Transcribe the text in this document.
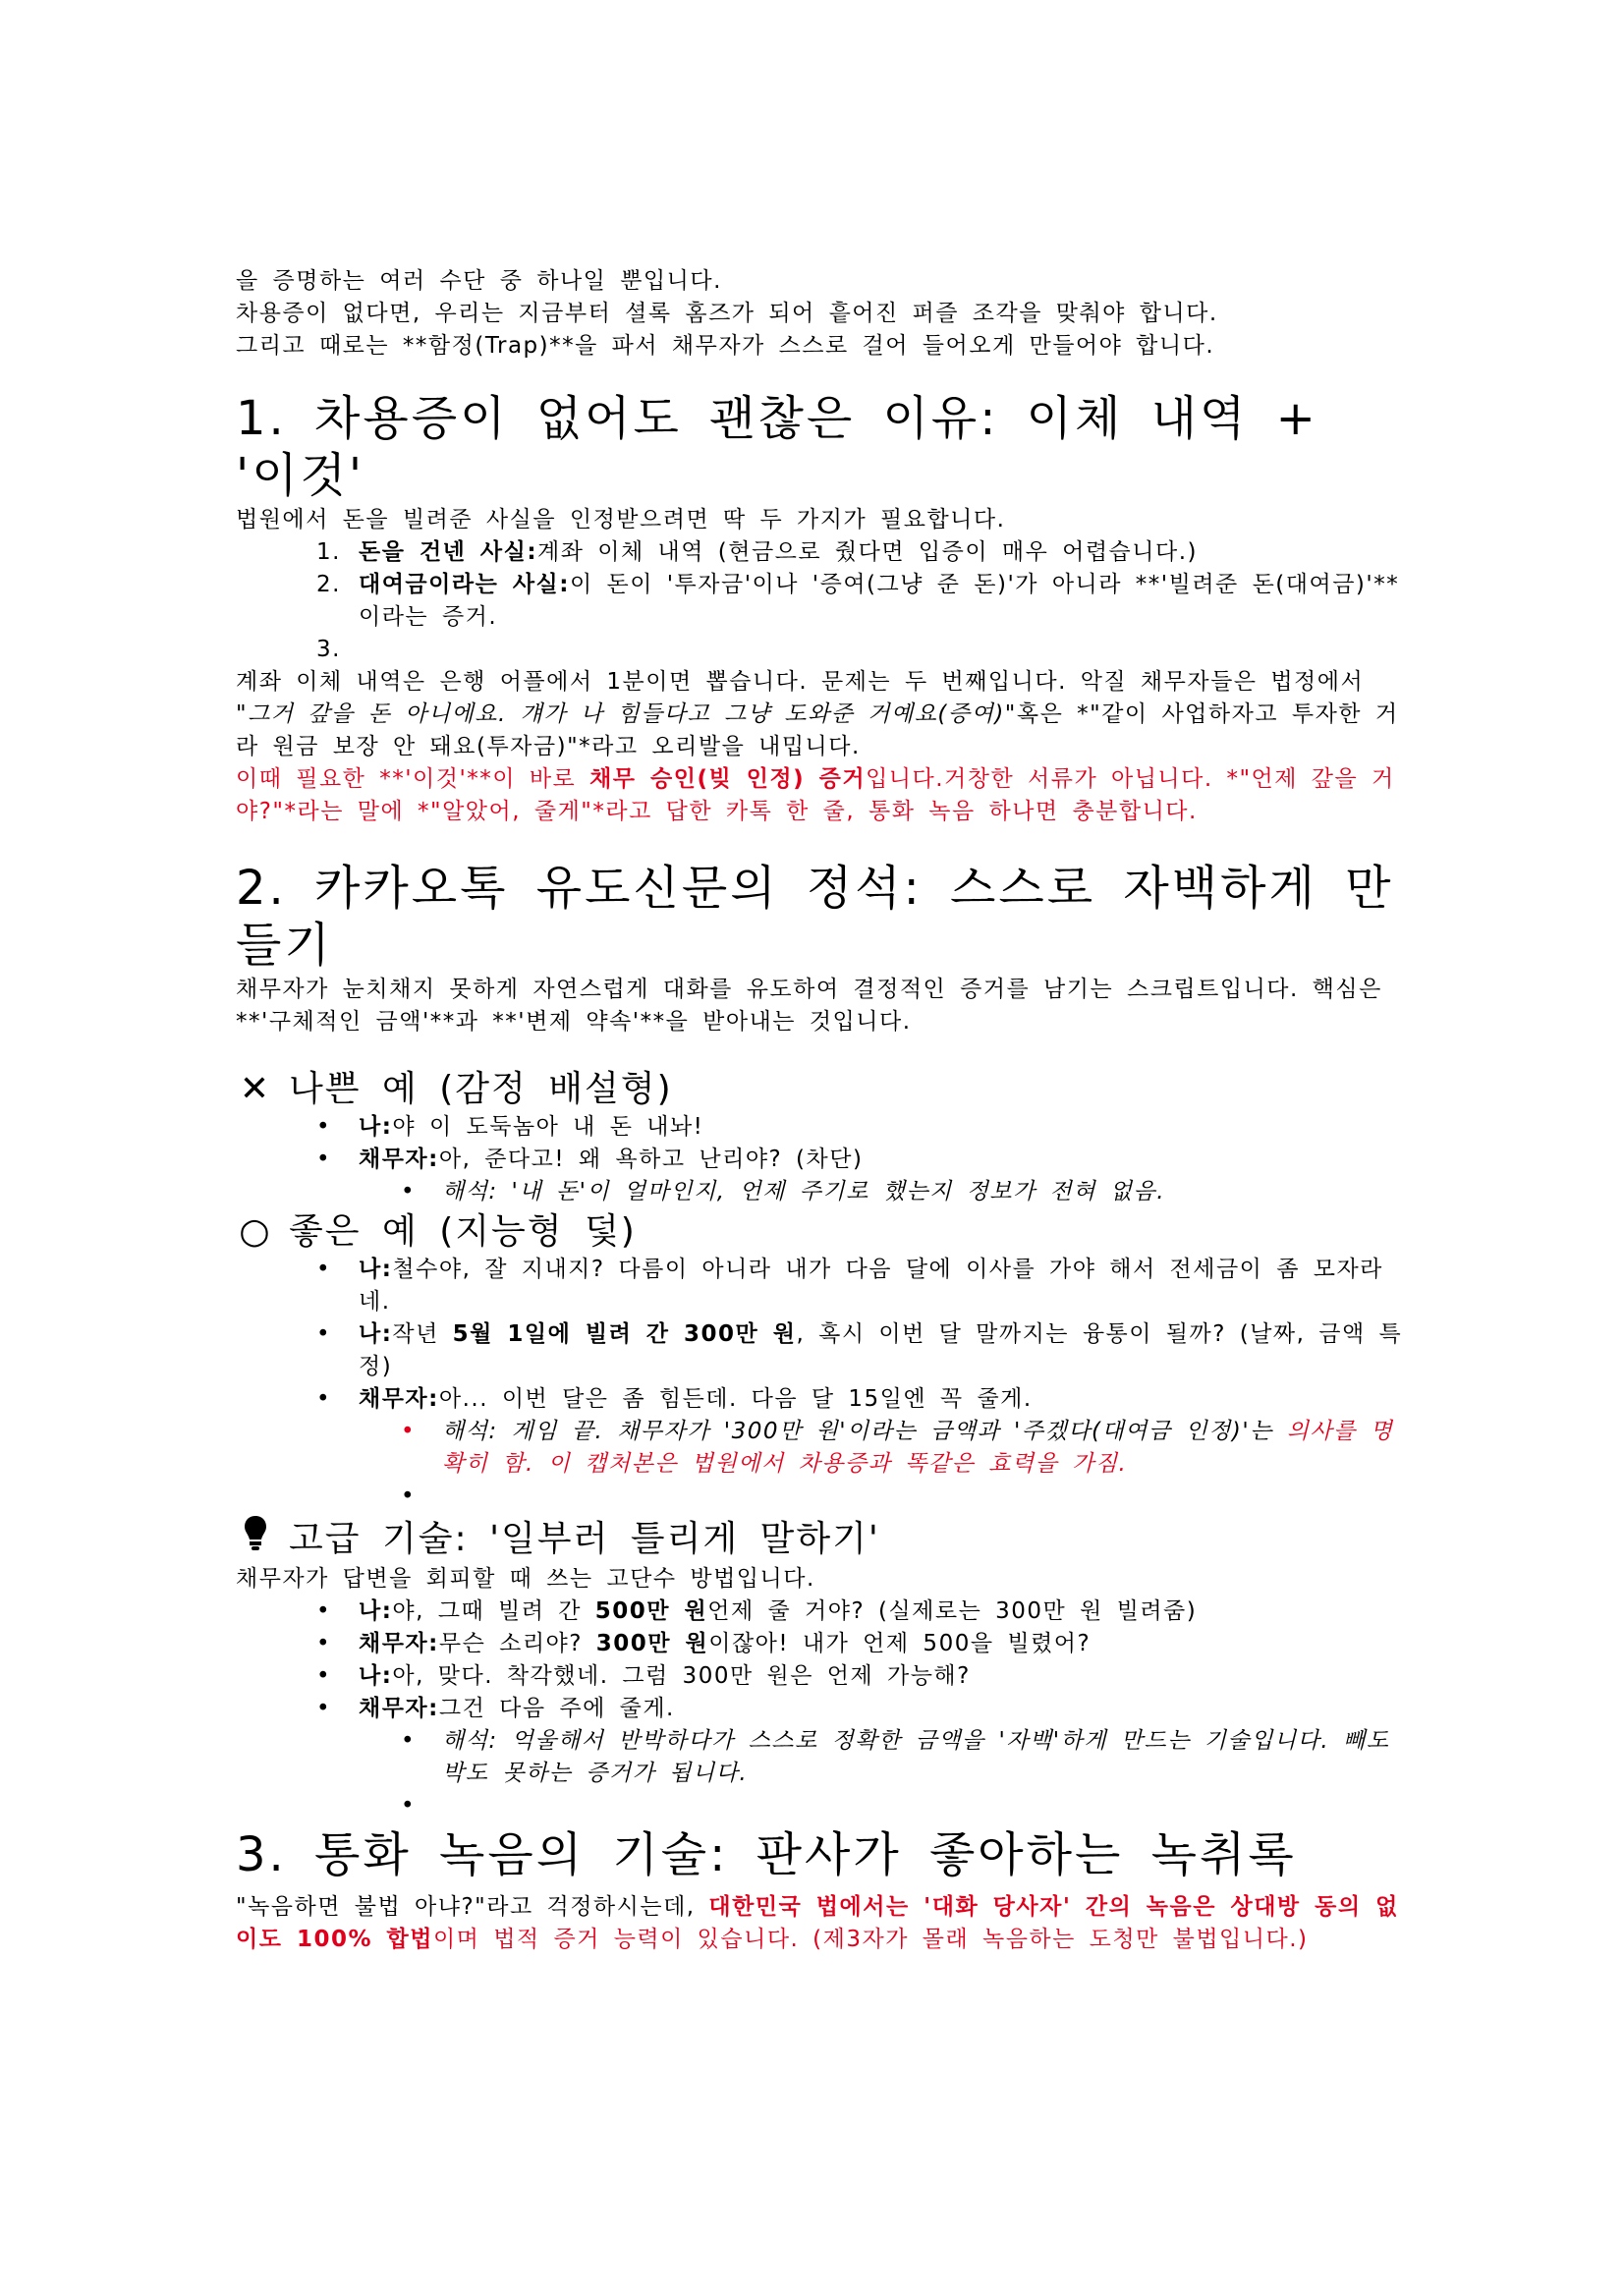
을 증명하는 여러 수단 중 하나일 뿐입니다.

차용증이 없다면, 우리는 지금부터 셜록 홈즈가 되어 흩어진 퍼즐 조각을 맞춰야 합니다.

그리고 때로는 **함정(Trap)**을 파서 채무자가 스스로 걸어 들어오게 만들어야 합니다.

1. 차용증이 없어도 괜찮은 이유: 이체 내역 + '이것'

법원에서 돈을 빌려준 사실을 인정받으려면 딱 두 가지가 필요합니다.

1. 돈을 건넨 사실:계좌 이체 내역 (현금으로 줬다면 입증이 매우 어렵습니다.)
2. 대여금이라는 사실:이 돈이 '투자금'이나 '증여(그냥 준 돈)'가 아니라 **'빌려준 돈(대여금)'**이라는 증거.
3.

계좌 이체 내역은 은행 어플에서 1분이면 뽑습니다. 문제는 두 번째입니다. 악질 채무자들은 법정에서 "그거 갚을 돈 아니에요. 걔가 나 힘들다고 그냥 도와준 거예요(증여)"혹은 *"같이 사업하자고 투자한 거라 원금 보장 안 돼요(투자금)"*라고 오리발을 내밉니다.

이때 필요한 **'이것'**이 바로 채무 승인(빚 인정) 증거입니다.거창한 서류가 아닙니다. *"언제 갚을 거야?"*라는 말에 *"알았어, 줄게"*라고 답한 카톡 한 줄, 통화 녹음 하나면 충분합니다.

2. 카카오톡 유도신문의 정석: 스스로 자백하게 만들기

채무자가 눈치채지 못하게 자연스럽게 대화를 유도하여 결정적인 증거를 남기는 스크립트입니다. 핵심은 **'구체적인 금액'**과 **'변제 약속'**을 받아내는 것입니다.

✕ 나쁜 예 (감정 배설형)
• 나:야 이 도둑놈아 내 돈 내놔!
• 채무자:아, 준다고! 왜 욕하고 난리야? (차단)
• 해석: '내 돈'이 얼마인지, 언제 주기로 했는지 정보가 전혀 없음.
○ 좋은 예 (지능형 덫)
• 나:철수야, 잘 지내지? 다름이 아니라 내가 다음 달에 이사를 가야 해서 전세금이 좀 모자라네.
• 나:작년 5월 1일에 빌려 간 300만 원, 혹시 이번 달 말까지는 융통이 될까? (날짜, 금액 특정)
• 채무자:아... 이번 달은 좀 힘든데. 다음 달 15일엔 꼭 줄게.
• 해석: 게임 끝. 채무자가 '300만 원'이라는 금액과 '주겠다(대여금 인정)'는 의사를 명확히 함. 이 캡처본은 법원에서 차용증과 똑같은 효력을 가짐.
•
고급 기술: '일부러 틀리게 말하기'

채무자가 답변을 회피할 때 쓰는 고단수 방법입니다.

• 나:야, 그때 빌려 간 500만 원언제 줄 거야? (실제로는 300만 원 빌려줌)
• 채무자:무슨 소리야? 300만 원이잖아! 내가 언제 500을 빌렸어?
• 나:아, 맞다. 착각했네. 그럼 300만 원은 언제 가능해?
• 채무자:그건 다음 주에 줄게.
• 해석: 억울해서 반박하다가 스스로 정확한 금액을 '자백'하게 만드는 기술입니다. 빼도 박도 못하는 증거가 됩니다.
•
3. 통화 녹음의 기술: 판사가 좋아하는 녹취록

"녹음하면 불법 아냐?"라고 걱정하시는데, 대한민국 법에서는 '대화 당사자' 간의 녹음은 상대방 동의 없이도 100% 합법이며 법적 증거 능력이 있습니다. (제3자가 몰래 녹음하는 도청만 불법입니다.)
